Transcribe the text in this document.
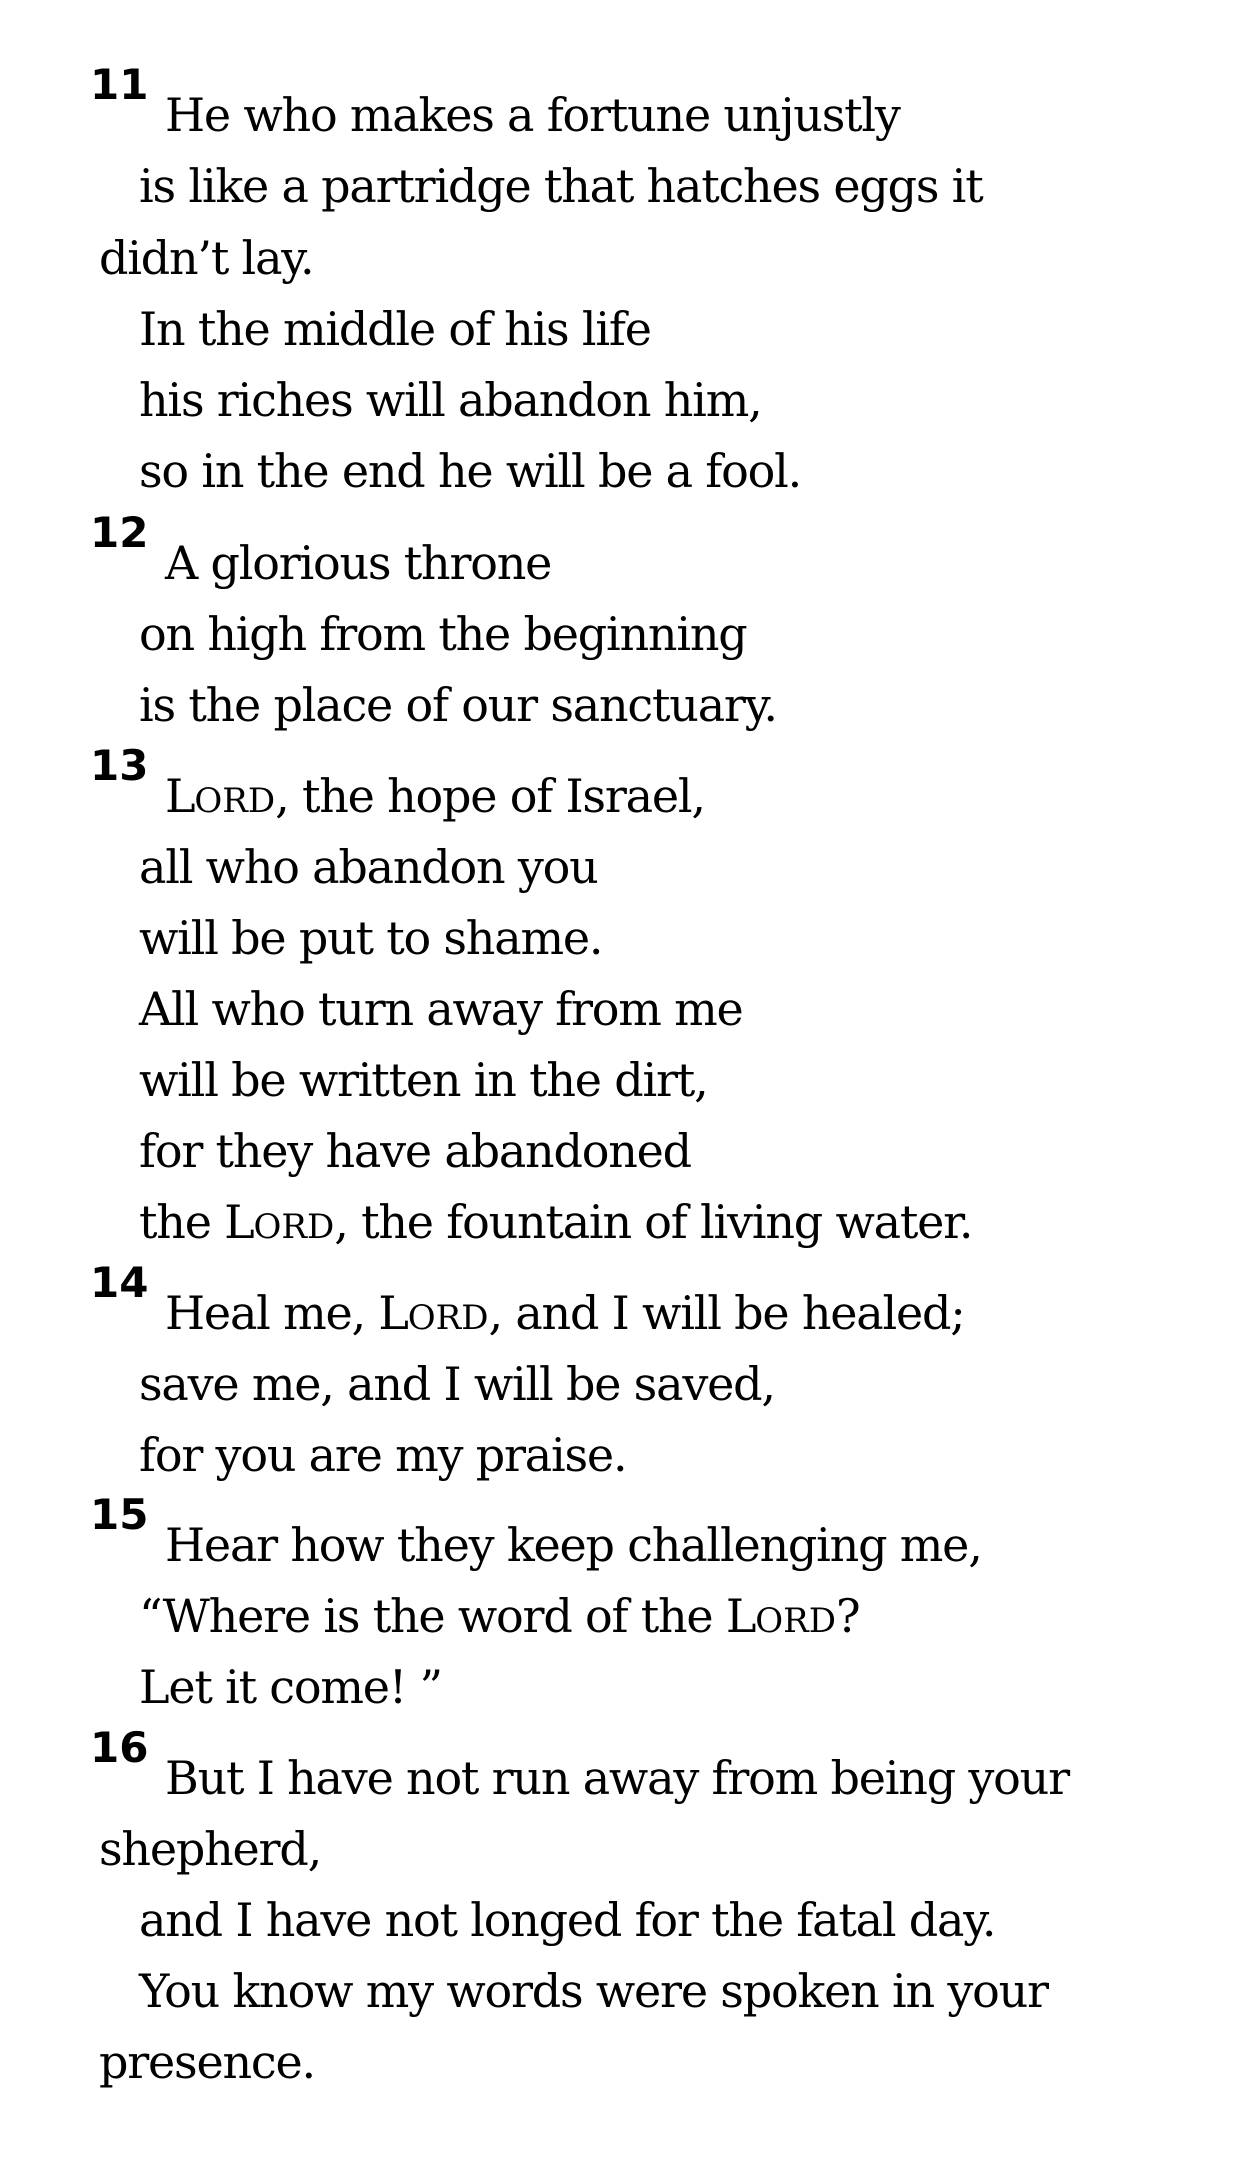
11
He who makes a fortune unjustly
is like a partridge that hatches eggs it
didn’t lay.
In the middle of his life
his riches will abandon him,
so in the end he will be a fool.
12
A glorious throne
on high from the beginning
is the place of our sanctuary.
13
LORD, the hope of Israel,
all who abandon you
will be put to shame.
All who turn away from me
will be written in the dirt,
for they have abandoned
the LORD, the fountain of living water.
14
Heal me, LORD, and I will be healed;
save me, and I will be saved,
for you are my praise.
15
Hear how they keep challenging me,
“Where is the word of the LORD?
Let it come! ”
16
But I have not run away from being your
shepherd,
and I have not longed for the fatal day.
You know my words were spoken in your
presence.
